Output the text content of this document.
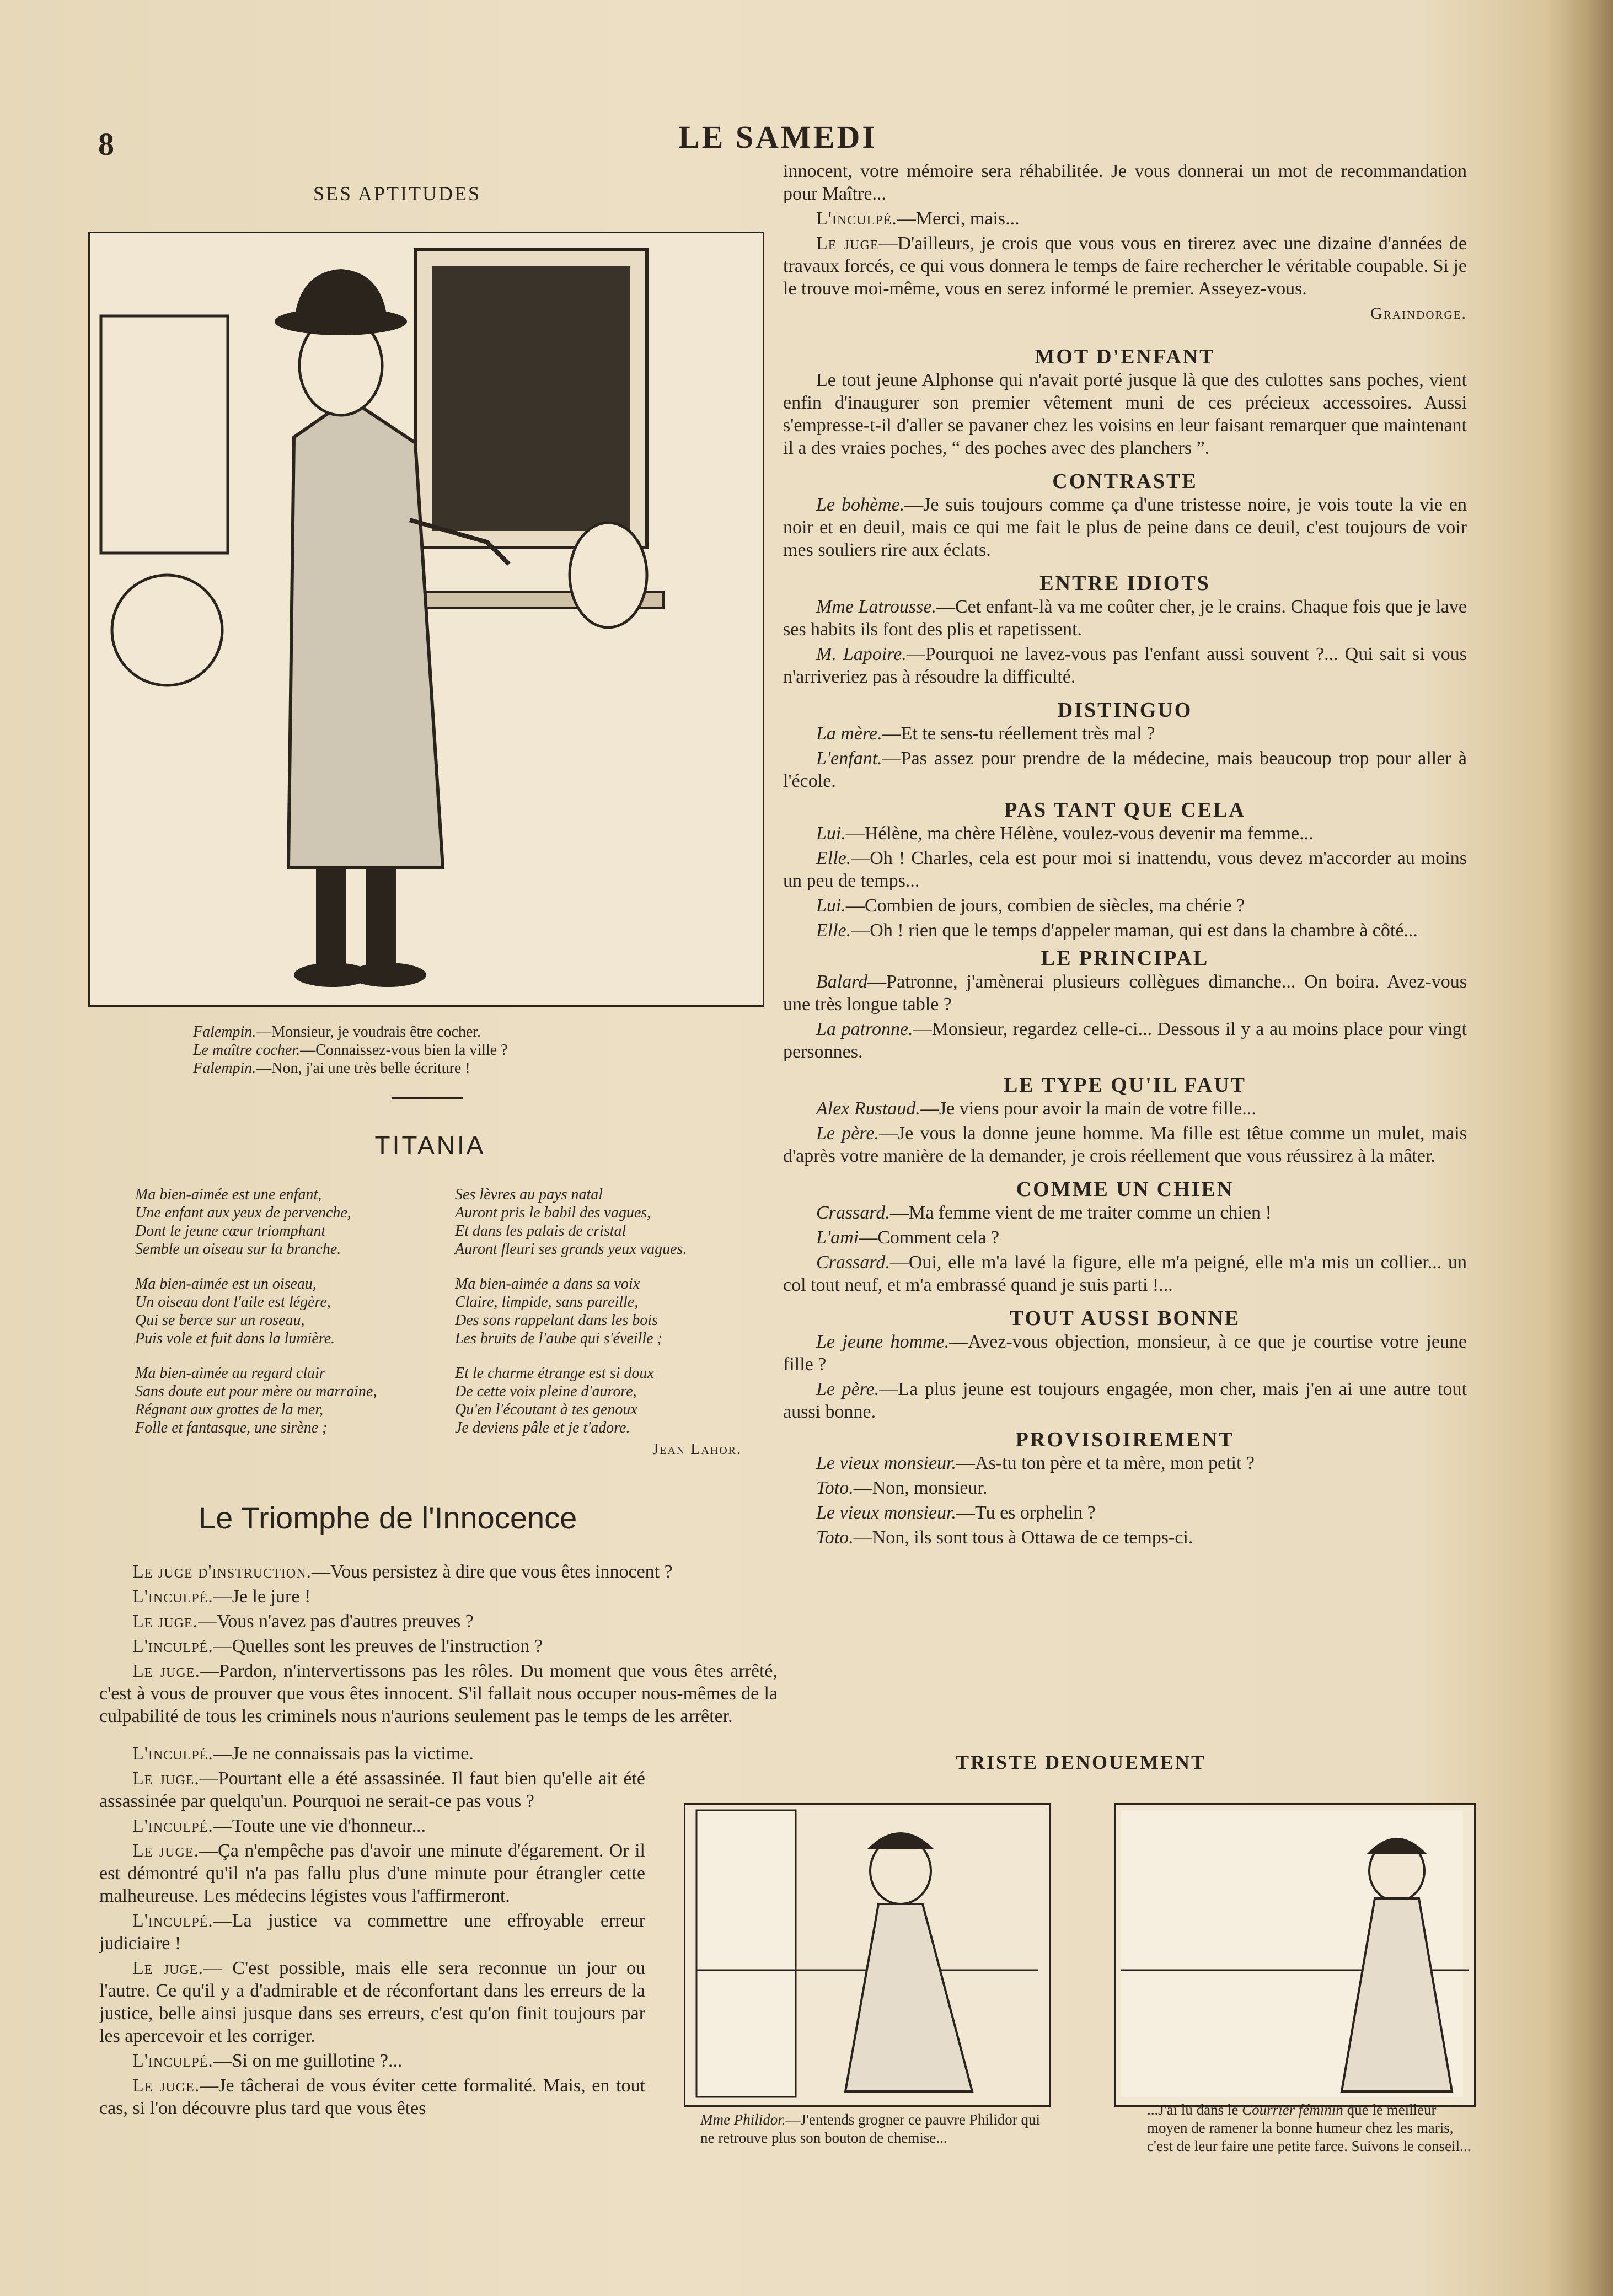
8	LE SAMEDI
SES APTITUDES
Falempin.—Monsieur, je voudrais être cocher.
Le maître cocher.—Connaissez-vous bien la ville ?
Falempin.—Non, j'ai une très belle écriture !
TITANIA
Ma bien-aimée est une enfant,
Une enfant aux yeux de pervenche,
Dont le jeune cœur triomphant
Semble un oiseau sur la branche.
Ma bien-aimée est un oiseau,
Un oiseau dont l'aile est légère,
Qui se berce sur un roseau,
Puis vole et fuit dans la lumière.
Ma bien-aimée au regard clair
Sans doute eut pour mère ou marraine,
Régnant aux grottes de la mer,
Folle et fantasque, une sirène ;
Ses lèvres au pays natal
Auront pris le babil des vagues,
Et dans les palais de cristal
Auront fleuri ses grands yeux vagues.
Ma bien-aimée a dans sa voix
Claire, limpide, sans pareille,
Des sons rappelant dans les bois
Les bruits de l'aube qui s'éveille ;
Et le charme étrange est si doux
De cette voix pleine d'aurore,
Qu'en l'écoutant à tes genoux
Je deviens pâle et je t'adore.
Jean Lahor.
Le Triomphe de l'Innocence

Le juge d'instruction.—Vous persistez à dire que vous êtes innocent ?

L'inculpé.—Je le jure !

Le juge.—Vous n'avez pas d'autres preuves ?

L'inculpé.—Quelles sont les preuves de l'instruction ?

Le juge.—Pardon, n'intervertissons pas les rôles. Du moment que vous êtes arrêté, c'est à vous de prouver que vous êtes innocent. S'il fallait nous occuper nous-mêmes de la culpabilité de tous les criminels nous n'aurions seulement pas le temps de les arrêter.

L'inculpé.—Je ne connaissais pas la victime.

Le juge.—Pourtant elle a été assassinée. Il faut bien qu'elle ait été assassinée par quelqu'un. Pourquoi ne serait-ce pas vous ?

L'inculpé.—Toute une vie d'honneur...

Le juge.—Ça n'empêche pas d'avoir une minute d'égarement. Or il est démontré qu'il n'a pas fallu plus d'une minute pour étrangler cette malheureuse. Les médecins légistes vous l'affirmeront.

L'inculpé.—La justice va commettre une effroyable erreur judiciaire !

Le juge.— C'est possible, mais elle sera reconnue un jour ou l'autre. Ce qu'il y a d'admirable et de réconfortant dans les erreurs de la justice, belle ainsi jusque dans ses erreurs, c'est qu'on finit toujours par les apercevoir et les corriger.

L'inculpé.—Si on me guillotine ?...

Le juge.—Je tâcherai de vous éviter cette formalité. Mais, en tout cas, si l'on découvre plus tard que vous êtes

innocent, votre mémoire sera réhabilitée. Je vous donnerai un mot de recommandation pour Maître...

L'inculpé.—Merci, mais...

Le juge—D'ailleurs, je crois que vous vous en tirerez avec une dizaine d'années de travaux forcés, ce qui vous donnera le temps de faire rechercher le véritable coupable. Si je le trouve moi-même, vous en serez informé le premier. Asseyez-vous.

Graindorge.
MOT D'ENFANT

Le tout jeune Alphonse qui n'avait porté jusque là que des culottes sans poches, vient enfin d'inaugurer son premier vêtement muni de ces précieux accessoires. Aussi s'empresse-t-il d'aller se pavaner chez les voisins en leur faisant remarquer que maintenant il a des vraies poches, “ des poches avec des planchers ”.

CONTRASTE

Le bohème.—Je suis toujours comme ça d'une tristesse noire, je vois toute la vie en noir et en deuil, mais ce qui me fait le plus de peine dans ce deuil, c'est toujours de voir mes souliers rire aux éclats.

ENTRE IDIOTS

Mme Latrousse.—Cet enfant-là va me coûter cher, je le crains. Chaque fois que je lave ses habits ils font des plis et rapetissent.

M. Lapoire.—Pourquoi ne lavez-vous pas l'enfant aussi souvent ?... Qui sait si vous n'arriveriez pas à résoudre la difficulté.

DISTINGUO

La mère.—Et te sens-tu réellement très mal ?

L'enfant.—Pas assez pour prendre de la médecine, mais beaucoup trop pour aller à l'école.

PAS TANT QUE CELA

Lui.—Hélène, ma chère Hélène, voulez-vous devenir ma femme...

Elle.—Oh ! Charles, cela est pour moi si inattendu, vous devez m'accorder au moins un peu de temps...

Lui.—Combien de jours, combien de siècles, ma chérie ?

Elle.—Oh ! rien que le temps d'appeler maman, qui est dans la chambre à côté...

LE PRINCIPAL

Balard—Patronne, j'amènerai plusieurs collègues dimanche... On boira. Avez-vous une très longue table ?

La patronne.—Monsieur, regardez celle-ci... Dessous il y a au moins place pour vingt personnes.

LE TYPE QU'IL FAUT

Alex Rustaud.—Je viens pour avoir la main de votre fille...

Le père.—Je vous la donne jeune homme. Ma fille est têtue comme un mulet, mais d'après votre manière de la demander, je crois réellement que vous réussirez à la mâter.

COMME UN CHIEN

Crassard.—Ma femme vient de me traiter comme un chien !

L'ami—Comment cela ?

Crassard.—Oui, elle m'a lavé la figure, elle m'a peigné, elle m'a mis un collier... un col tout neuf, et m'a embrassé quand je suis parti !...

TOUT AUSSI BONNE

Le jeune homme.—Avez-vous objection, monsieur, à ce que je courtise votre jeune fille ?

Le père.—La plus jeune est toujours engagée, mon cher, mais j'en ai une autre tout aussi bonne.

PROVISOIREMENT

Le vieux monsieur.—As-tu ton père et ta mère, mon petit ?

Toto.—Non, monsieur.

Le vieux monsieur.—Tu es orphelin ?

Toto.—Non, ils sont tous à Ottawa de ce temps-ci.

TRISTE DENOUEMENT
Mme Philidor.—J'entends grogner ce pauvre Philidor qui ne retrouve plus son bouton de chemise...
...J'ai lu dans le Courrier féminin que le meilleur moyen de ramener la bonne humeur chez les maris, c'est de leur faire une petite farce. Suivons le conseil...
